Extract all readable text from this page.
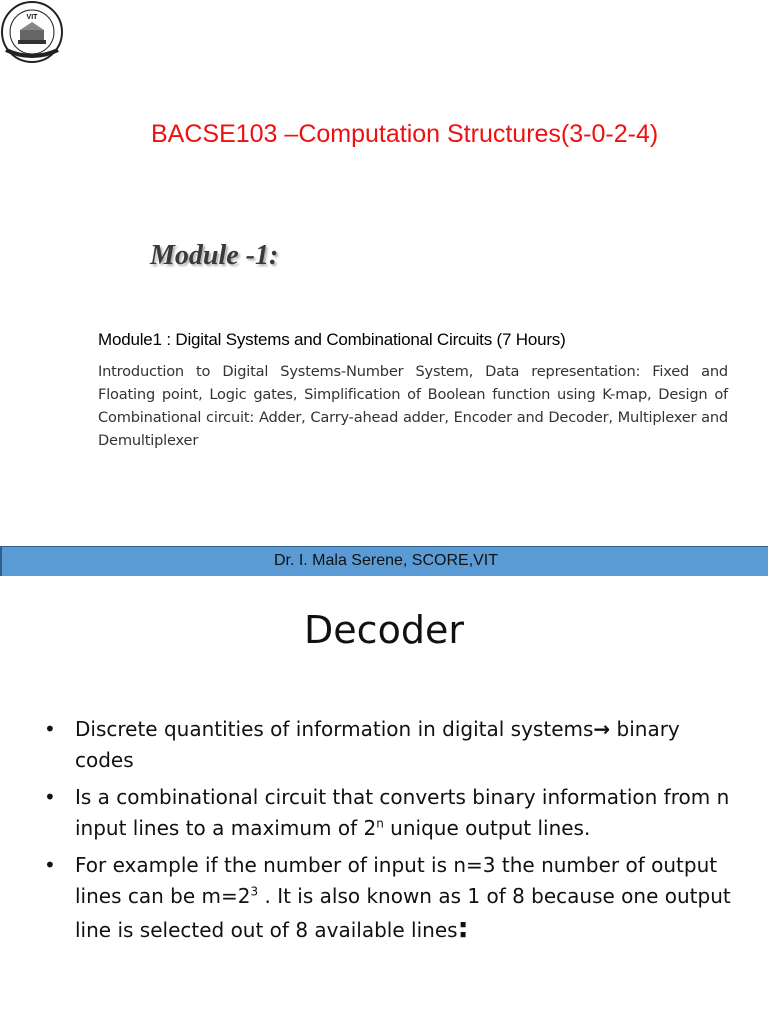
VIT
BACSE103 –Computation Structures(3-0-2-4)
Module -1:
Module1 : Digital Systems and Combinational Circuits (7 Hours)

Introduction to Digital Systems-Number System, Data representation: Fixed and Floating point, Logic gates, Simplification of Boolean function using K-map, Design of Combinational circuit: Adder, Carry-ahead adder, Encoder and Decoder, Multiplexer and Demultiplexer

Dr. I. Mala Serene, SCORE,VIT
Decoder
• Discrete quantities of information in digital systems→ binary codes
• Is a combinational circuit that converts binary information from n input lines to a maximum of 2$^n$ unique output lines.
• For example if the number of input is n=3 the number of output lines can be $m=2^3$ . It is also known as 1 of 8 because one output line is selected out of 8 available lines:
